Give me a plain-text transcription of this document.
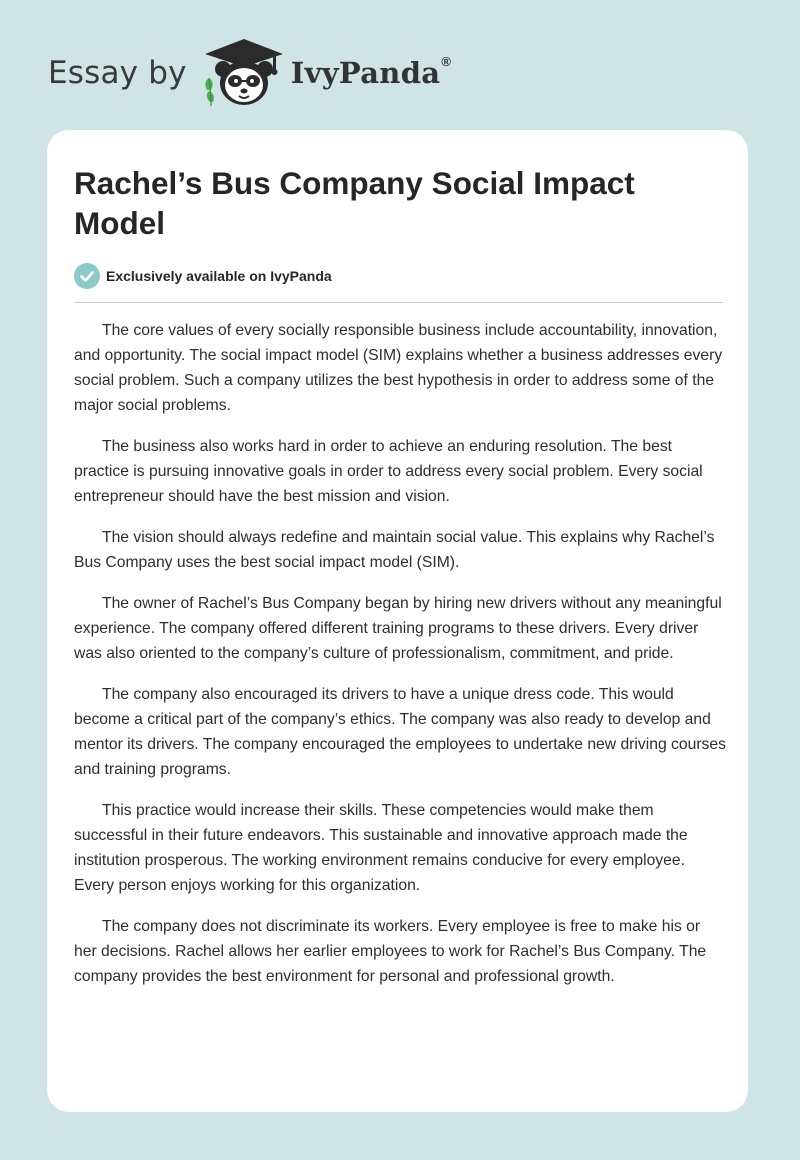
Essay by	IvyPanda®
Rachel’s Bus Company Social Impact Model
Exclusively available on IvyPanda

The core values of every socially responsible business include accountability, innovation, and opportunity. The social impact model (SIM) explains whether a business addresses every social problem. Such a company utilizes the best hypothesis in order to address some of the major social problems.

The business also works hard in order to achieve an enduring resolution. The best practice is pursuing innovative goals in order to address every social problem. Every social entrepreneur should have the best mission and vision.

The vision should always redefine and maintain social value. This explains why Rachel’s Bus Company uses the best social impact model (SIM).

The owner of Rachel’s Bus Company began by hiring new drivers without any meaningful experience. The company offered different training programs to these drivers. Every driver was also oriented to the company’s culture of professionalism, commitment, and pride.

The company also encouraged its drivers to have a unique dress code. This would become a critical part of the company’s ethics. The company was also ready to develop and mentor its drivers. The company encouraged the employees to undertake new driving courses and training programs.

This practice would increase their skills. These competencies would make them successful in their future endeavors. This sustainable and innovative approach made the institution prosperous. The working environment remains conducive for every employee. Every person enjoys working for this organization.

The company does not discriminate its workers. Every employee is free to make his or her decisions. Rachel allows her earlier employees to work for Rachel’s Bus Company. The company provides the best environment for personal and professional growth.
